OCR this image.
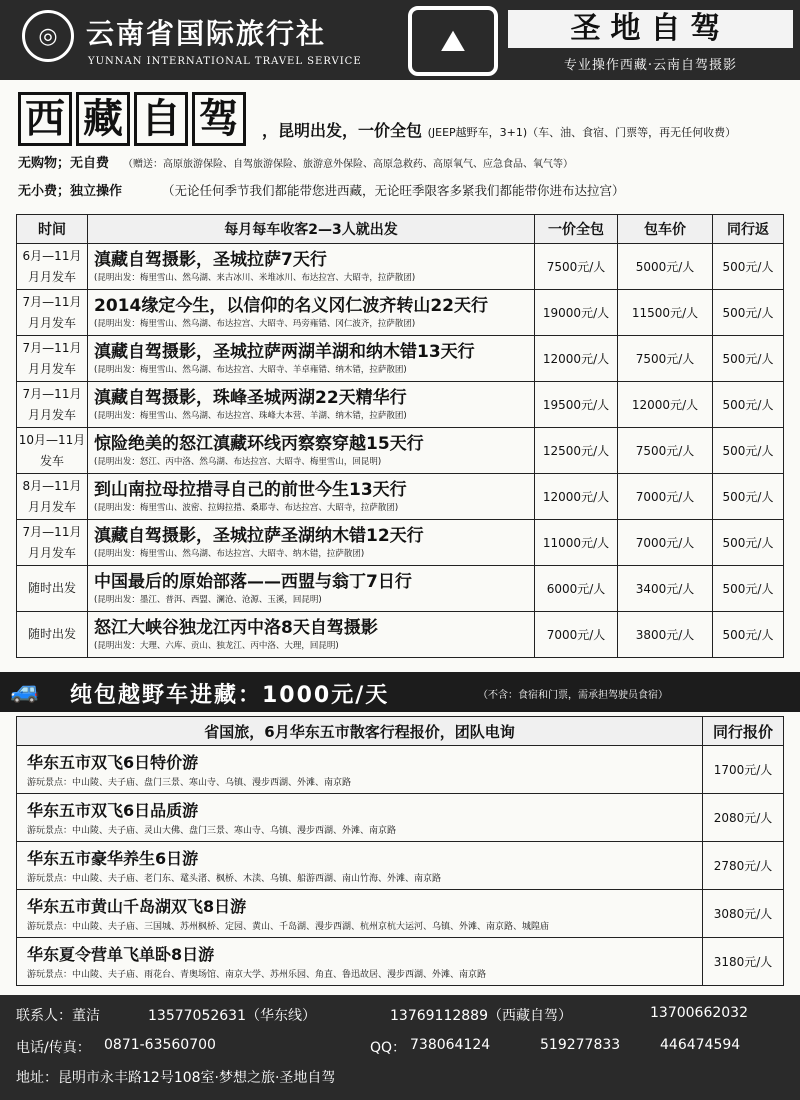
◎	云南省国际旅行社
YUNNAN INTERNATIONAL TRAVEL SERVICE
⛰	圣地自驾
专业操作西藏·云南自驾摄影
西 藏 自 驾	，昆明出发，一价全包 (JEEP越野车，3+1)（车、油、食宿、门票等，再无任何收费）
无购物；无自费 （赠送：高原旅游保险、自驾旅游保险、旅游意外保险、高原急救药、高原氧气、应急食品、氧气等）
无小费；独立操作	（无论任何季节我们都能带您进西藏，无论旺季限客多紧我们都能带你进布达拉宫）
时间	每月每车收客2—3人就出发	一价全包	包车价	同行返
6月—11月 月月发车	滇藏自驾摄影，圣城拉萨7天行
(昆明出发：梅里雪山、然乌湖、来古冰川、米堆冰川、布达拉宫、大昭寺，拉萨散团)	7500元/人	5000元/人	500元/人
7月—11月 月月发车	2014缘定今生，以信仰的名义冈仁波齐转山22天行
(昆明出发：梅里雪山、然乌湖、布达拉宫、大昭寺、玛旁雍错、冈仁波齐，拉萨散团)	19000元/人	11500元/人	500元/人
7月—11月 月月发车	滇藏自驾摄影，圣城拉萨两湖羊湖和纳木错13天行
(昆明出发：梅里雪山、然乌湖、布达拉宫、大昭寺、羊卓雍错、纳木错，拉萨散团)	12000元/人	7500元/人	500元/人
7月—11月 月月发车	滇藏自驾摄影，珠峰圣城两湖22天精华行
(昆明出发：梅里雪山、然乌湖、布达拉宫、珠峰大本营、羊湖、纳木错，拉萨散团)	19500元/人	12000元/人	500元/人
10月—11月 发车	惊险绝美的怒江滇藏环线丙察察穿越15天行
(昆明出发：怒江、丙中洛、然乌湖、布达拉宫、大昭寺、梅里雪山，回昆明)	12500元/人	7500元/人	500元/人
8月—11月 月月发车	到山南拉母拉措寻自己的前世今生13天行
(昆明出发：梅里雪山、波密、拉姆拉措、桑耶寺、布达拉宫、大昭寺，拉萨散团)	12000元/人	7000元/人	500元/人
7月—11月 月月发车	滇藏自驾摄影，圣城拉萨圣湖纳木错12天行
(昆明出发：梅里雪山、然乌湖、布达拉宫、大昭寺、纳木错，拉萨散团)	11000元/人	7000元/人	500元/人
随时出发	中国最后的原始部落——西盟与翁丁7日行
(昆明出发：墨江、普洱、西盟、澜沧、沧源、玉溪，回昆明)	6000元/人	3400元/人	500元/人
随时出发	怒江大峡谷独龙江丙中洛8天自驾摄影
(昆明出发：大理、六库、贡山、独龙江、丙中洛、大理，回昆明)	7000元/人	3800元/人	500元/人
🚙 纯包越野车进藏：1000元/天	（不含：食宿和门票，需承担驾驶员食宿）
省国旅，6月华东五市散客行程报价，团队电询	同行报价

华东五市双飞6日特价游
游玩景点：中山陵、夫子庙、盘门三景、寒山寺、乌镇、漫步西湖、外滩、南京路	1700元/人

华东五市双飞6日品质游
游玩景点：中山陵、夫子庙、灵山大佛、盘门三景、寒山寺、乌镇、漫步西湖、外滩、南京路	2080元/人

华东五市豪华养生6日游
游玩景点：中山陵、夫子庙、老门东、鼋头渚、枫桥、木渎、乌镇、船游西湖、南山竹海、外滩、南京路	2780元/人

华东五市黄山千岛湖双飞8日游
游玩景点：中山陵、夫子庙、三国城、苏州枫桥、定园、黄山、千岛湖、漫步西湖、杭州京杭大运河、乌镇、外滩、南京路、城隍庙	3080元/人

华东夏令营单飞单卧8日游
游玩景点：中山陵、夫子庙、雨花台、青奥场馆、南京大学、苏州乐园、角直、鲁迅故居、漫步西湖、外滩、南京路	3180元/人
联系人：董洁	13577052631（华东线）	13769112889（西藏自驾）	13700662032
电话/传真： 0871-63560700	QQ： 738064124	519277833	446474594
地址：昆明市永丰路12号108室·梦想之旅·圣地自驾
